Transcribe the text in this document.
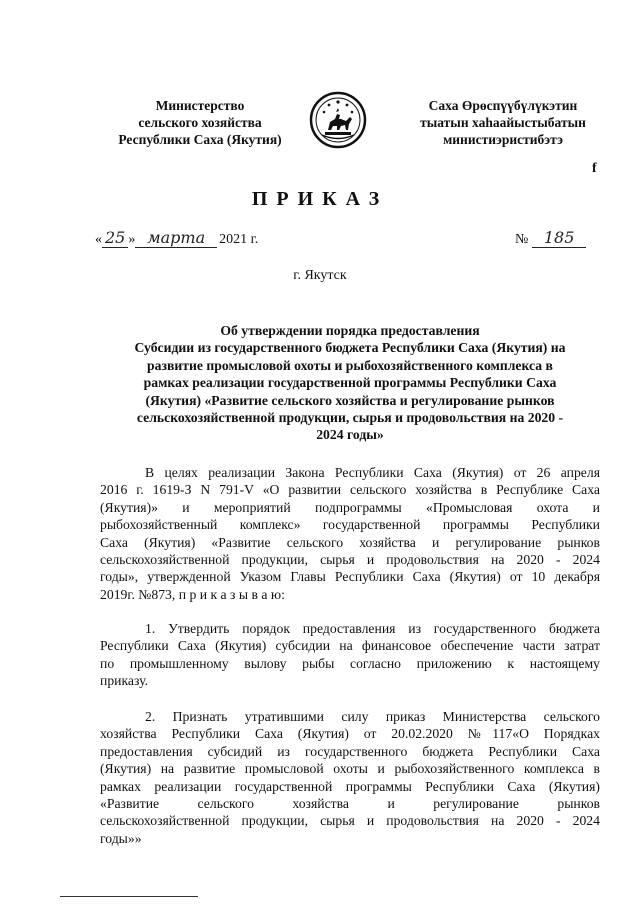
Министерство
сельского хозяйства
Республики Саха (Якутия)
Саха Өрөспүүбүлүкэтин
тыатын хаhаайыстыбатын
министиэристибэтэ
f
ПРИКАЗ
« 25 » марта 2021 г.	№ 185
г. Якутск
Об утверждении порядка предоставления
Субсидии из государственного бюджета Республики Саха (Якутия) на
развитие промысловой охоты и рыбохозяйственного комплекса в
рамках реализации государственной программы Республики Саха
(Якутия) «Развитие сельского хозяйства и регулирование рынков
сельскохозяйственной продукции, сырья и продовольствия на 2020 -
2024 годы»
В целях реализации Закона Республики Саха (Якутия) от 26 апреля
2016 г. 1619-З N 791-V «О развитии сельского хозяйства в Республике Саха
(Якутия)» и мероприятий подпрограммы «Промысловая охота и
рыбохозяйственный комплекс» государственной программы Республики
Саха (Якутия) «Развитие сельского хозяйства и регулирование рынков
сельскохозяйственной продукции, сырья и продовольствия на 2020 - 2024
годы», утвержденной Указом Главы Республики Саха (Якутия) от 10 декабря
2019г. №873, п р и к а з ы в а ю:
1. Утвердить порядок предоставления из государственного бюджета
Республики Саха (Якутия) субсидии на финансовое обеспечение части затрат
по промышленному вылову рыбы согласно приложению к настоящему
приказу.
2. Признать утратившими силу приказ Министерства сельского
хозяйства Республики Саха (Якутия) от 20.02.2020 №117«О Порядках
предоставления субсидий из государственного бюджета Республики Саха
(Якутия) на развитие промысловой охоты и рыбохозяйственного комплекса в
рамках реализации государственной программы Республики Саха (Якутия)
«Развитие сельского хозяйства и регулирование рынков
сельскохозяйственной продукции, сырья и продовольствия на 2020 - 2024
годы»»
